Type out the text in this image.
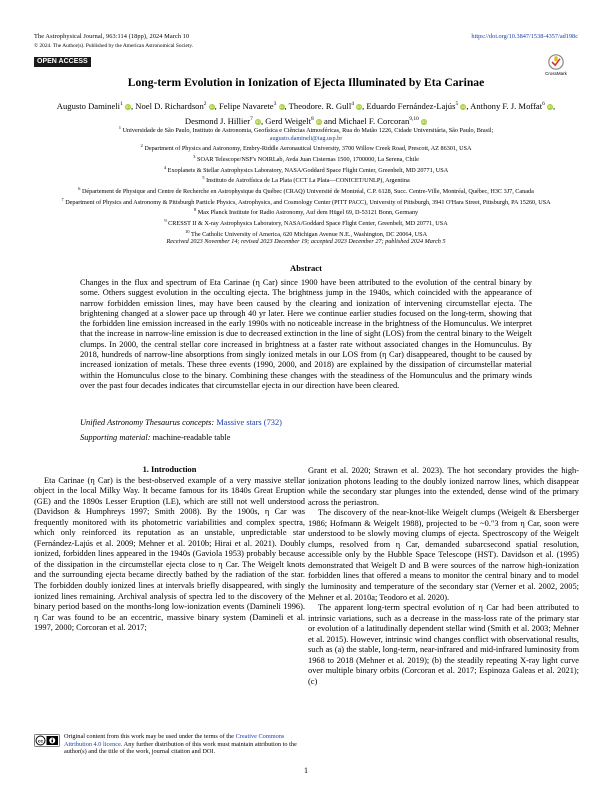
The Astrophysical Journal, 963:114 (18pp), 2024 March 10	https://doi.org/10.3847/1538-4357/ad198c
© 2024. The Author(s). Published by the American Astronomical Society.
OPEN ACCESS
CrossMark
Long-term Evolution in Ionization of Ejecta Illuminated by Eta Carinae
Augusto Damineli$^1$ iD, Noel D. Richardson$^2$ iD, Felipe Navarete$^3$ iD, Theodore. R. Gull$^4$ iD, Eduardo Fernández-Lajús$^5$ iD, Anthony F. J. Moffat$^6$ iD, Desmond J. Hillier$^7$ iD, Gerd Weigelt$^8$ iD and Michael F. Corcoran$^{9,10}$ iD
$^1$ Universidade de São Paulo, Instituto de Astronomia, Geofísica e Ciências Atmosféricas, Rua do Matão 1226, Cidade Universitária, São Paulo, Brasil;
augusto.damineli@iag.usp.br
$^2$ Department of Physics and Astronomy, Embry-Riddle Aeronautical University, 3700 Willow Creek Road, Prescott, AZ 86301, USA
$^3$ SOAR Telescope/NSF's NOIRLab, Avda Juan Cisternas 1500, 1700000, La Serena, Chile
$^4$ Exoplanets & Stellar Astrophysics Laboratory, NASA/Goddard Space Flight Center, Greenbelt, MD 20771, USA
$^5$ Instituto de Astrofísica de La Plata (CCT La Plata—CONICET/UNLP), Argentina
$^6$ Département de Physique and Centre de Recherche en Astrophysique du Québec (CRAQ) Université de Montréal, C.P. 6128, Succ. Centre-Ville, Montréal, Québec, H3C 3J7, Canada
$^7$ Department of Physics and Astronomy & Pittsburgh Particle Physics, Astrophysics, and Cosmology Center (PITT PACC), University of Pittsburgh, 3941 O'Hara Street, Pittsburgh, PA 15260, USA
$^8$ Max Planck Institute for Radio Astronomy, Auf dem Hügel 69, D-53121 Bonn, Germany
$^9$ CRESST II & X-ray Astrophysics Laboratory, NASA/Goddard Space Flight Center, Greenbelt, MD 20771, USA
$^{10}$ The Catholic University of America, 620 Michigan Avenue N.E., Washington, DC 20064, USA
Received 2023 November 14; revised 2023 December 19; accepted 2023 December 27; published 2024 March 5
Abstract
Changes in the flux and spectrum of Eta Carinae (η Car) since 1900 have been attributed to the evolution of the central binary by some. Others suggest evolution in the occulting ejecta. The brightness jump in the 1940s, which coincided with the appearance of narrow forbidden emission lines, may have been caused by the clearing and ionization of intervening circumstellar ejecta. The brightening changed at a slower pace up through 40 yr later. Here we continue earlier studies focused on the long-term, showing that the forbidden line emission increased in the early 1990s with no noticeable increase in the brightness of the Homunculus. We interpret that the increase in narrow-line emission is due to decreased extinction in the line of sight (LOS) from the central binary to the Weigelt clumps. In 2000, the central stellar core increased in brightness at a faster rate without associated changes in the Homunculus. By 2018, hundreds of narrow-line absorptions from singly ionized metals in our LOS from (η Car) disappeared, thought to be caused by increased ionization of metals. These three events (1990, 2000, and 2018) are explained by the dissipation of circumstellar material within the Homunculus close to the binary. Combining these changes with the steadiness of the Homunculus and the primary winds over the past four decades indicates that circumstellar ejecta in our direction have been cleared.
Unified Astronomy Thesaurus concepts: Massive stars (732)
Supporting material: machine-readable table

1. Introduction

Eta Carinae (η Car) is the best-observed example of a very massive stellar object in the local Milky Way. It became famous for its 1840s Great Eruption (GE) and the 1890s Lesser Eruption (LE), which are still not well understood (Davidson & Humphreys 1997; Smith 2008). By the 1900s, η Car was frequently monitored with its photometric variabilities and complex spectra, which only reinforced its reputation as an unstable, unpredictable star (Fernández-Lajús et al. 2009; Mehner et al. 2010b; Hirai et al. 2021). Doubly ionized, forbidden lines appeared in the 1940s (Gaviola 1953) probably because of the dissipation in the circumstellar ejecta close to η Car. The Weigelt knots and the surrounding ejecta became directly bathed by the radiation of the star. The forbidden doubly ionized lines at intervals briefly disappeared, with singly ionized lines remaining. Archival analysis of spectra led to the discovery of the binary period based on the months-long low-ionization events (Damineli 1996). η Car was found to be an eccentric, massive binary system (Damineli et al. 1997, 2000; Corcoran et al. 2017;

Grant et al. 2020; Strawn et al. 2023). The hot secondary provides the high-ionization photons leading to the doubly ionized narrow lines, which disappear while the secondary star plunges into the extended, dense wind of the primary across the periastron.

The discovery of the near-knot-like Weigelt clumps (Weigelt & Ebersberger 1986; Hofmann & Weigelt 1988), projected to be ~0.″3 from η Car, soon were understood to be slowly moving clumps of ejecta. Spectroscopy of the Weigelt clumps, resolved from η Car, demanded subarcsecond spatial resolution, accessible only by the Hubble Space Telescope (HST). Davidson et al. (1995) demonstrated that Weigelt D and B were sources of the narrow high-ionization forbidden lines that offered a means to monitor the central binary and to model the luminosity and temperature of the secondary star (Verner et al. 2002, 2005; Mehner et al. 2010a; Teodoro et al. 2020).

The apparent long-term spectral evolution of η Car had been attributed to intrinsic variations, such as a decrease in the mass-loss rate of the primary star or evolution of a latitudinally dependent stellar wind (Smith et al. 2003; Mehner et al. 2015). However, intrinsic wind changes conflict with observational results, such as (a) the stable, long-term, near-infrared and mid-infrared luminosity from 1968 to 2018 (Mehner et al. 2019); (b) the steadily repeating X-ray light curve over multiple binary orbits (Corcoran et al. 2017; Espinoza Galeas et al. 2021); (c)

cc
Original content from this work may be used under the terms of the Creative Commons Attribution 4.0 licence. Any further distribution of this work must maintain attribution to the author(s) and the title of the work, journal citation and DOI.
1
